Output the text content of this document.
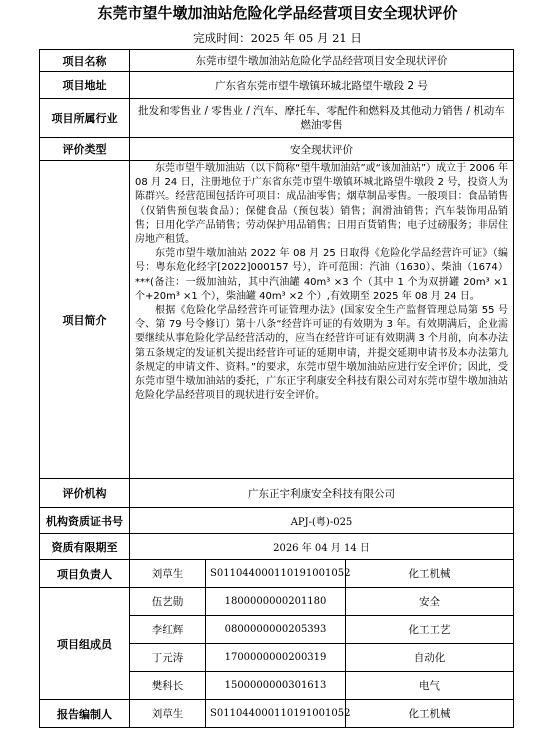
东莞市望牛墩加油站危险化学品经营项目安全现状评价
完成时间：2025 年 05 月 21 日
项目名称	东莞市望牛墩加油站危险化学品经营项目安全现状评价		
项目地址	广东省东莞市望牛墩镇环城北路望牛墩段 2 号		
项目所属行业	批发和零售业 / 零售业 / 汽车、摩托车、零配件和燃料及其他动力销售 / 机动车燃油零售		
评价类型	安全现状评价		
项目简介	东莞市望牛墩加油站（以下简称“望牛墩加油站”或“该加油站”）成立于 2006 年 08 月 24 日，注册地位于广东省东莞市望牛墩镇环城北路望牛墩段 2 号，投资人为陈群兴。经营范围包括许可项目：成品油零售；烟草制品零售。一般项目：食品销售（仅销售预包装食品）；保健食品（预包装）销售；润滑油销售；汽车装饰用品销售；日用化学产品销售；劳动保护用品销售；日用百货销售；电子过磅服务；非居住房地产租赁。

东莞市望牛墩加油站 2022 年 08 月 25 日取得《危险化学品经营许可证》（编号：粤东危化经字[2022]000157 号），许可范围：汽油（1630）、柴油（1674）***(备注：一级加油站，其中汽油罐 40m³ ×3 个（其中 1 个为双拼罐 20m³ ×1 个+20m³ ×1 个），柴油罐 40m³ ×2 个）,有效期至 2025 年 08 月 24 日。

根据《危险化学品经营许可证管理办法》(国家安全生产监督管理总局第 55 号令、第 79 号令修订）第十八条“经营许可证的有效期为 3 年。有效期满后，企业需要继续从事危险化学品经营活动的，应当在经营许可证有效期满 3 个月前，向本办法第五条规定的发证机关提出经营许可证的延期申请，并提交延期申请书及本办法第九条规定的申请文件、资料。”的要求，东莞市望牛墩加油站应进行安全评价；因此，受东莞市望牛墩加油站的委托，广东正宇利康安全科技有限公司对东莞市望牛墩加油站危险化学品经营项目的现状进行安全评价。		

评价机构	广东正宇利康安全科技有限公司		
机构资质证书号	APJ-(粤)-025		
资质有限期至	2026 年 04 月 14 日		
项目负责人	刘草生	S011044000110191001052	化工机械
项目组成员	伍艺勋	1800000000201180	安全
	李红辉	0800000000205393	化工工艺
	丁元涛	1700000000200319	自动化
	樊科长	1500000000301613	电气
报告编制人	刘草生	S011044000110191001052	化工机械
